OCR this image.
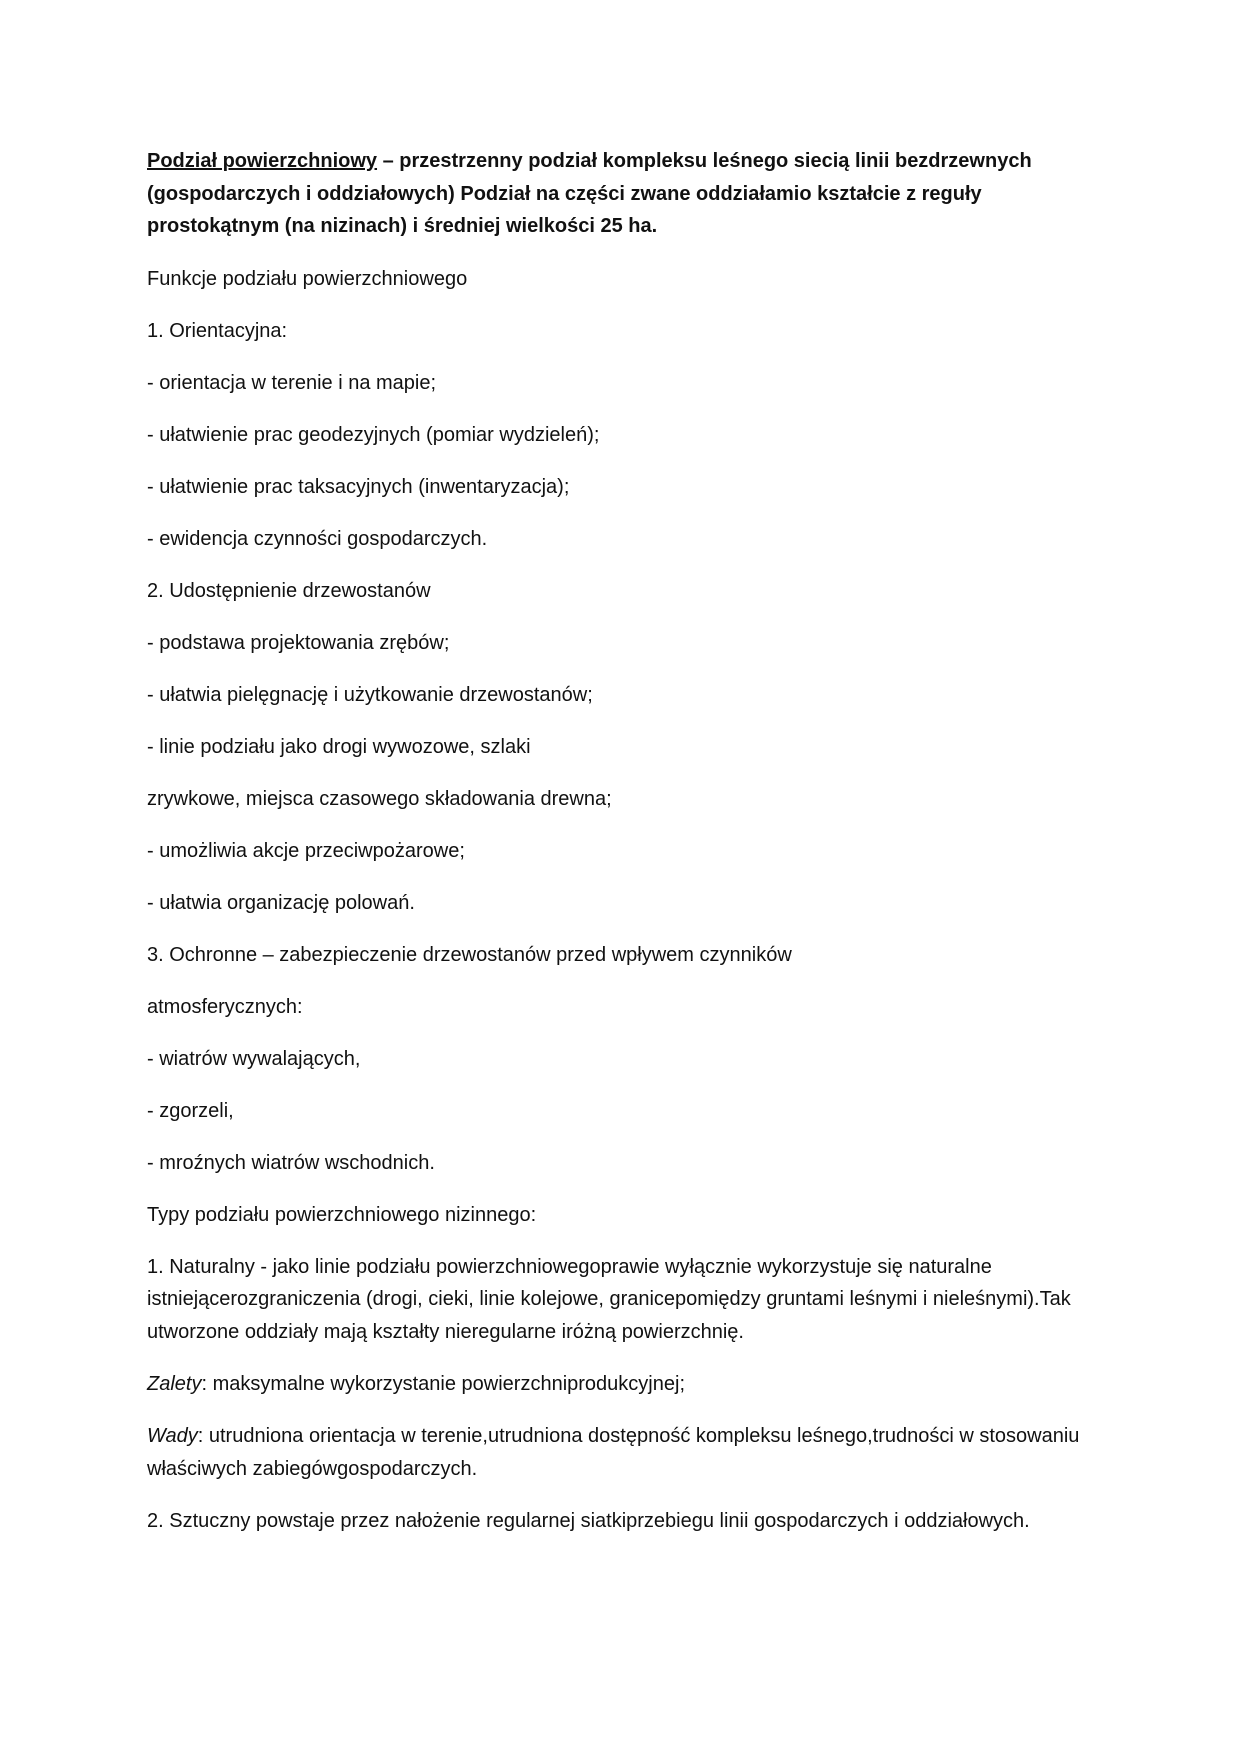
Podział powierzchniowy – przestrzenny podział kompleksu leśnego siecią linii bezdrzewnych (gospodarczych i oddziałowych) Podział na części zwane oddziałamio kształcie z reguły prostokątnym (na nizinach) i średniej wielkości 25 ha.

Funkcje podziału powierzchniowego

1. Orientacyjna:

- orientacja w terenie i na mapie;

- ułatwienie prac geodezyjnych (pomiar wydzieleń);

- ułatwienie prac taksacyjnych (inwentaryzacja);

- ewidencja czynności gospodarczych.

2. Udostępnienie drzewostanów

- podstawa projektowania zrębów;

- ułatwia pielęgnację i użytkowanie drzewostanów;

- linie podziału jako drogi wywozowe, szlaki

zrywkowe, miejsca czasowego składowania drewna;

- umożliwia akcje przeciwpożarowe;

- ułatwia organizację polowań.

3. Ochronne – zabezpieczenie drzewostanów przed wpływem czynników

atmosferycznych:

- wiatrów wywalających,

- zgorzeli,

- mroźnych wiatrów wschodnich.

Typy podziału powierzchniowego nizinnego:

1. Naturalny - jako linie podziału powierzchniowegoprawie wyłącznie wykorzystuje się naturalne istniejącerozgraniczenia (drogi, cieki, linie kolejowe, granicepomiędzy gruntami leśnymi i nieleśnymi).Tak utworzone oddziały mają kształty nieregularne iróżną powierzchnię.

Zalety: maksymalne wykorzystanie powierzchniprodukcyjnej;

Wady: utrudniona orientacja w terenie,utrudniona dostępność kompleksu leśnego,trudności w stosowaniu właściwych zabiegówgospodarczych.

2. Sztuczny powstaje przez nałożenie regularnej siatkiprzebiegu linii gospodarczych i oddziałowych.
